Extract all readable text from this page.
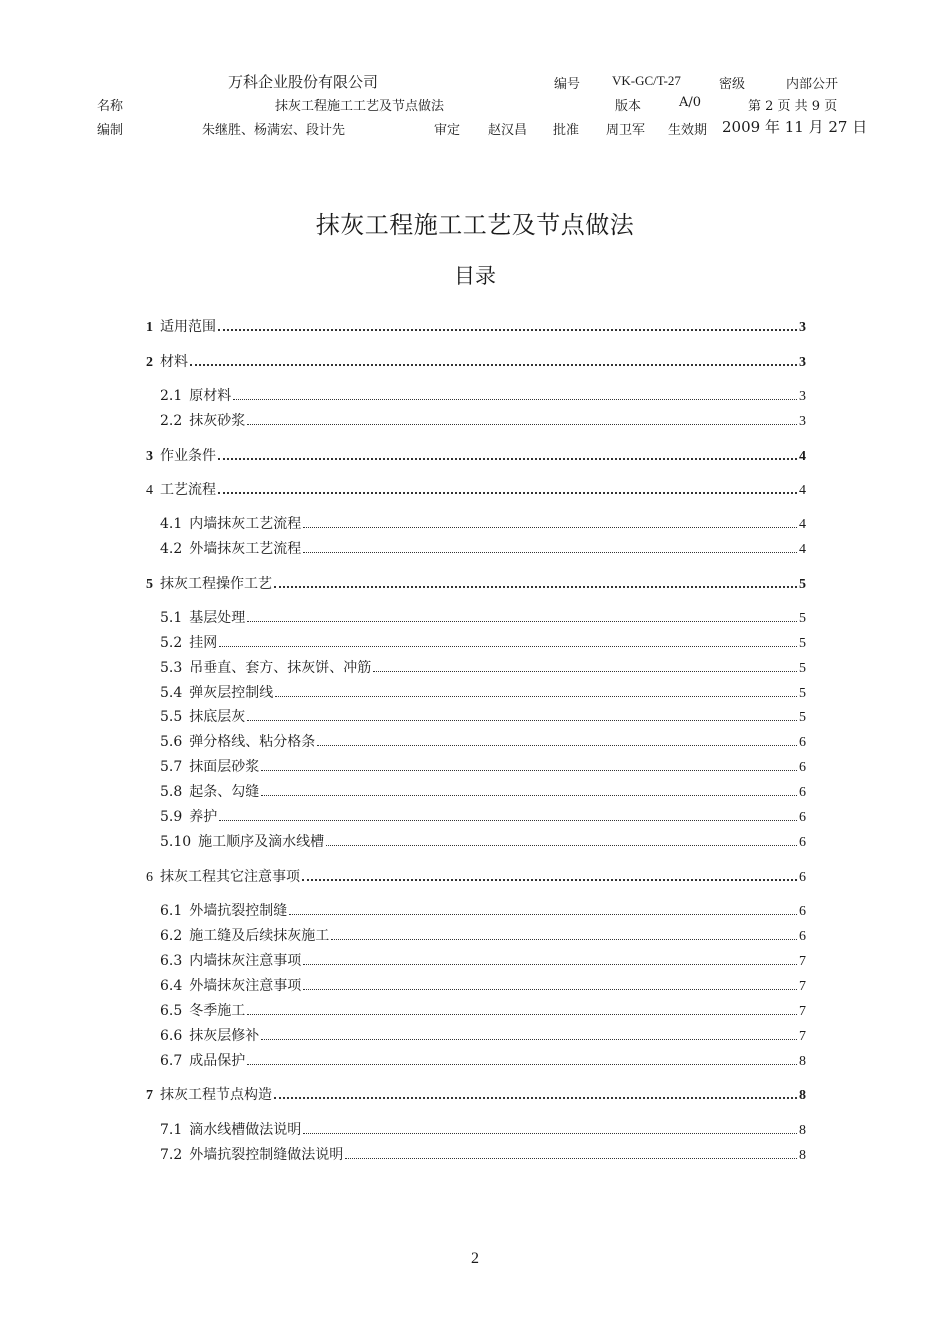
万科企业股份有限公司	编号 VK-GC/T-27	密级	内部公开
名称	抹灰工程施工工艺及节点做法	版本	A/0	第 2 页 共 9 页
编制	朱继胜、杨满宏、段计先	审定 赵汉昌 批准 周卫军 生效期 2009 年 11 月 27 日
抹灰工程施工工艺及节点做法
目录
1 适用范围	3
2 材料	3
2.1 原材料	3
2.2 抹灰砂浆	3
3 作业条件	4
4 工艺流程	4
4.1 内墙抹灰工艺流程	4
4.2 外墙抹灰工艺流程	4
5 抹灰工程操作工艺	5
5.1 基层处理	5
5.2 挂网	5
5.3 吊垂直、套方、抹灰饼、冲筋	5
5.4 弹灰层控制线	5
5.5 抹底层灰	5
5.6 弹分格线、粘分格条	6
5.7 抹面层砂浆	6
5.8 起条、勾缝	6
5.9 养护	6
5.10 施工顺序及滴水线槽	6
6 抹灰工程其它注意事项	6
6.1 外墙抗裂控制缝	6
6.2 施工缝及后续抹灰施工	6
6.3 内墙抹灰注意事项	7
6.4 外墙抹灰注意事项	7
6.5 冬季施工	7
6.6 抹灰层修补	7
6.7 成品保护	8
7 抹灰工程节点构造	8
7.1 滴水线槽做法说明	8
7.2 外墙抗裂控制缝做法说明	8
2
